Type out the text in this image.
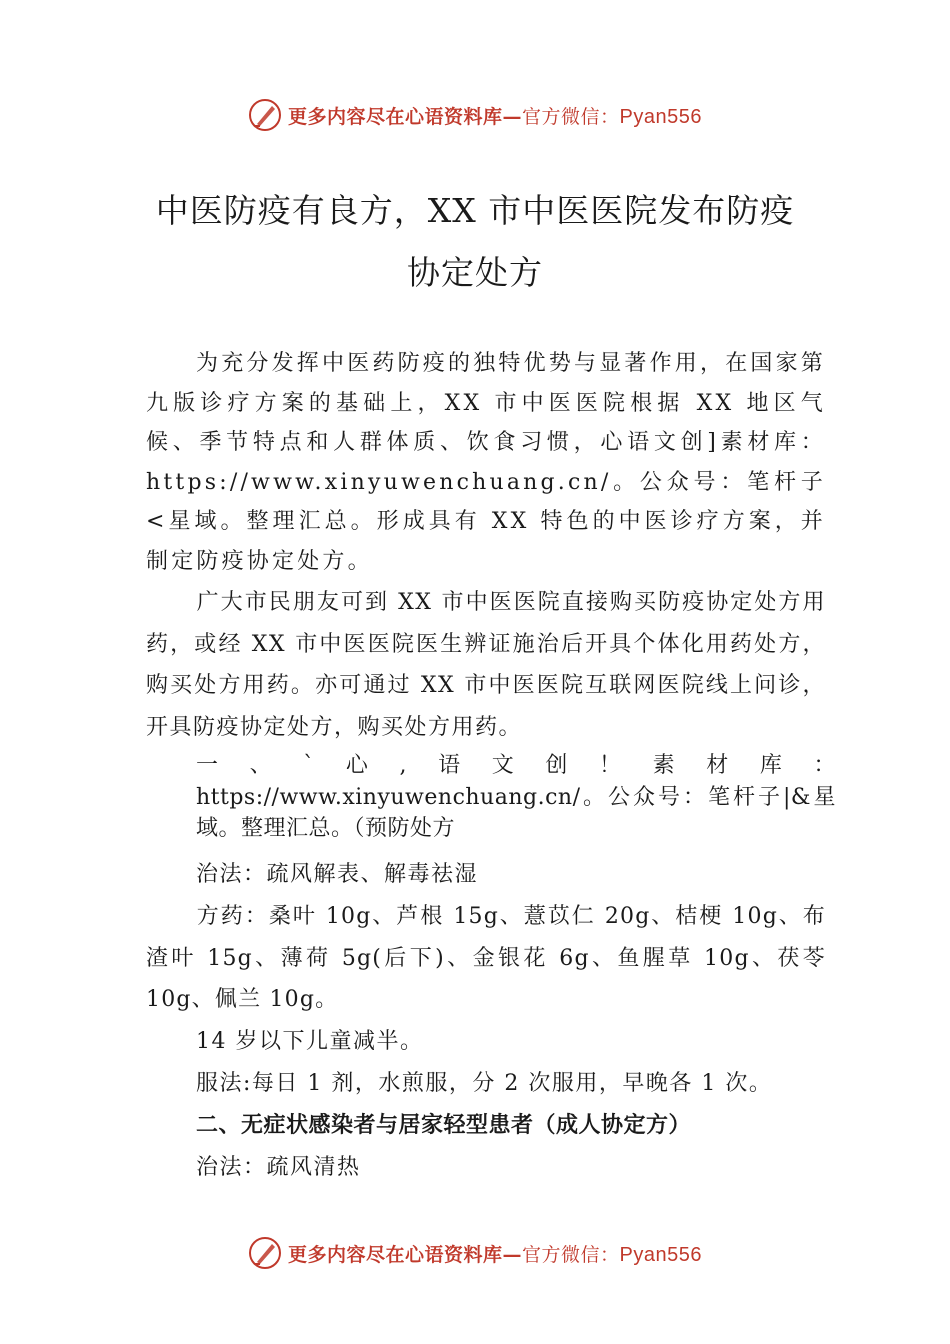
更多内容尽在心语资料库—官方微信：Pyan556
中医防疫有良方，XX 市中医医院发布防疫
协定处方
为充分发挥中医药防疫的独特优势与显著作用，在国家第九版诊疗方案的基础上，XX 市中医医院根据 XX 地区气候、季节特点和人群体质、饮食习惯，心语文创]素材库：https://www.xinyuwenchuang.cn/。公众号：笔杆子<星域。整理汇总。形成具有 XX 特色的中医诊疗方案，并制定防疫协定处方。
广大市民朋友可到 XX 市中医医院直接购买防疫协定处方用药，或经 XX 市中医医院医生辨证施治后开具个体化用药处方，购买处方用药。亦可通过 XX 市中医医院互联网医院线上问诊，开具防疫协定处方，购买处方用药。
一、`心,语文创！素材库：https://www.xinyuwenchuang.cn/。公众号：笔杆子|&星域。整理汇总。（预防处方
治法：疏风解表、解毒祛湿
方药：桑叶 10g、芦根 15g、薏苡仁 20g、桔梗 10g、布渣叶 15g、薄荷 5g(后下)、金银花 6g、鱼腥草 10g、茯苓 10g、佩兰 10g。
14 岁以下儿童减半。
服法:每日 1 剂，水煎服，分 2 次服用，早晚各 1 次。
二、无症状感染者与居家轻型患者（成人协定方）
治法：疏风清热
更多内容尽在心语资料库—官方微信：Pyan556
